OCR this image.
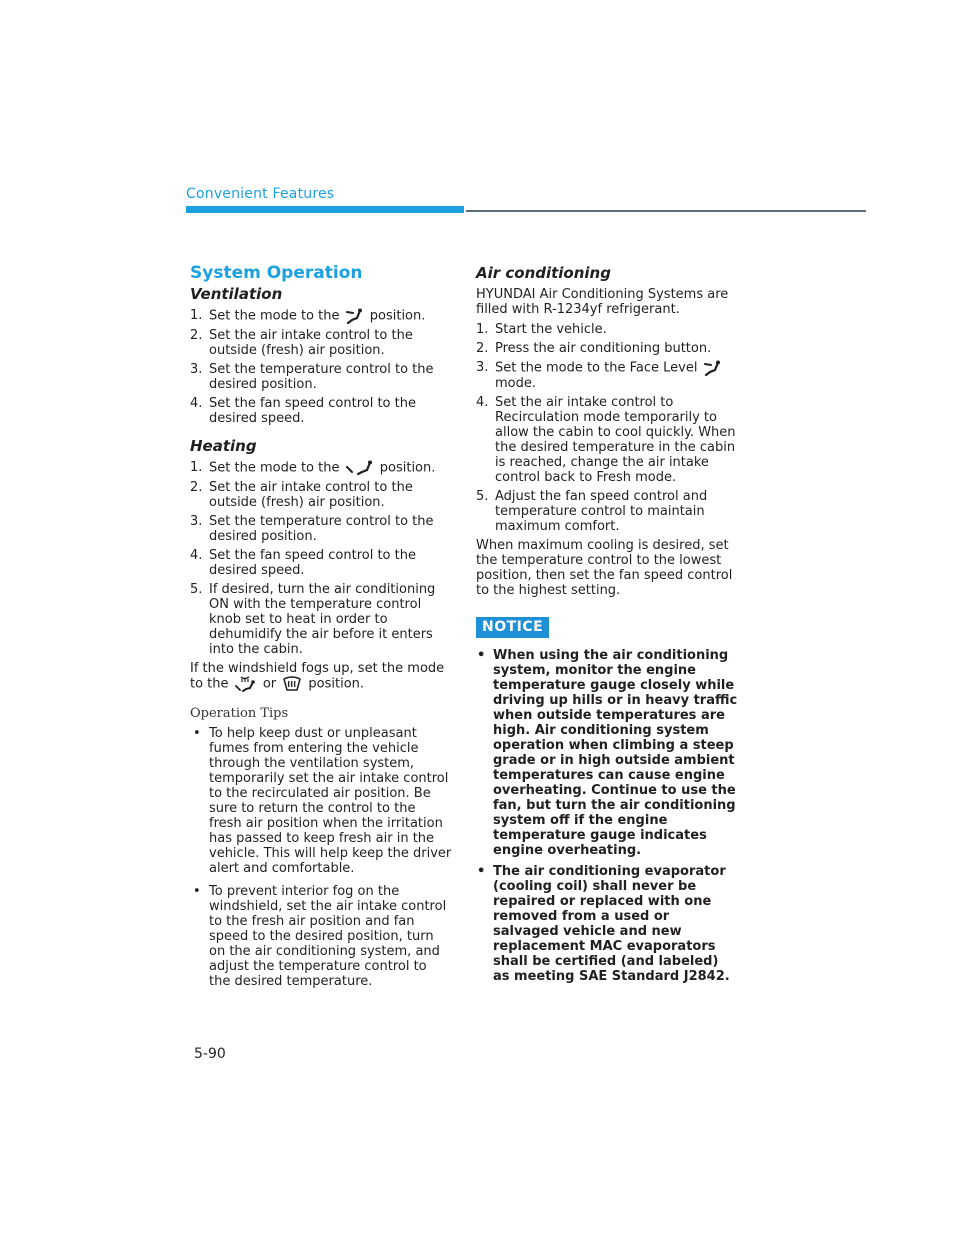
Convenient Features
System Operation
Ventilation
1. Set the mode to the position.
2. Set the air intake control to the outside (fresh) air position.
3. Set the temperature control to the desired position.
4. Set the fan speed control to the desired speed.
Heating
1. Set the mode to the	position.
2. Set the air intake control to the outside (fresh) air position.
3. Set the temperature control to the desired position.
4. Set the fan speed control to the desired speed.
5. If desired, turn the air conditioning ON with the temperature control knob set to heat in order to dehumidify the air before it enters into the cabin.

If the windshield fogs up, set the mode to the	or position.

Operation Tips
• To help keep dust or unpleasant fumes from entering the vehicle through the ventilation system, temporarily set the air intake control to the recirculated air position. Be sure to return the control to the fresh air position when the irritation has passed to keep fresh air in the vehicle. This will help keep the driver alert and comfortable.
• To prevent interior fog on the windshield, set the air intake control to the fresh air position and fan speed to the desired position, turn on the air conditioning system, and adjust the temperature control to the desired temperature.
Air conditioning

HYUNDAI Air Conditioning Systems are filled with R-1234yf refrigerant.

1. Start the vehicle.
2. Press the air conditioning button.
3. Set the mode to the Face Level
mode.
4. Set the air intake control to Recirculation mode temporarily to allow the cabin to cool quickly. When the desired temperature in the cabin is reached, change the air intake control back to Fresh mode.
5. Adjust the fan speed control and temperature control to maintain maximum comfort.

When maximum cooling is desired, set the temperature control to the lowest position, then set the fan speed control to the highest setting.

NOTICE
• When using the air conditioning system, monitor the engine temperature gauge closely while driving up hills or in heavy traffic when outside temperatures are high. Air conditioning system operation when climbing a steep grade or in high outside ambient temperatures can cause engine overheating. Continue to use the fan, but turn the air conditioning system off if the engine temperature gauge indicates engine overheating.
• The air conditioning evaporator (cooling coil) shall never be repaired or replaced with one removed from a used or salvaged vehicle and new replacement MAC evaporators shall be certified (and labeled) as meeting SAE Standard J2842.
5-90
